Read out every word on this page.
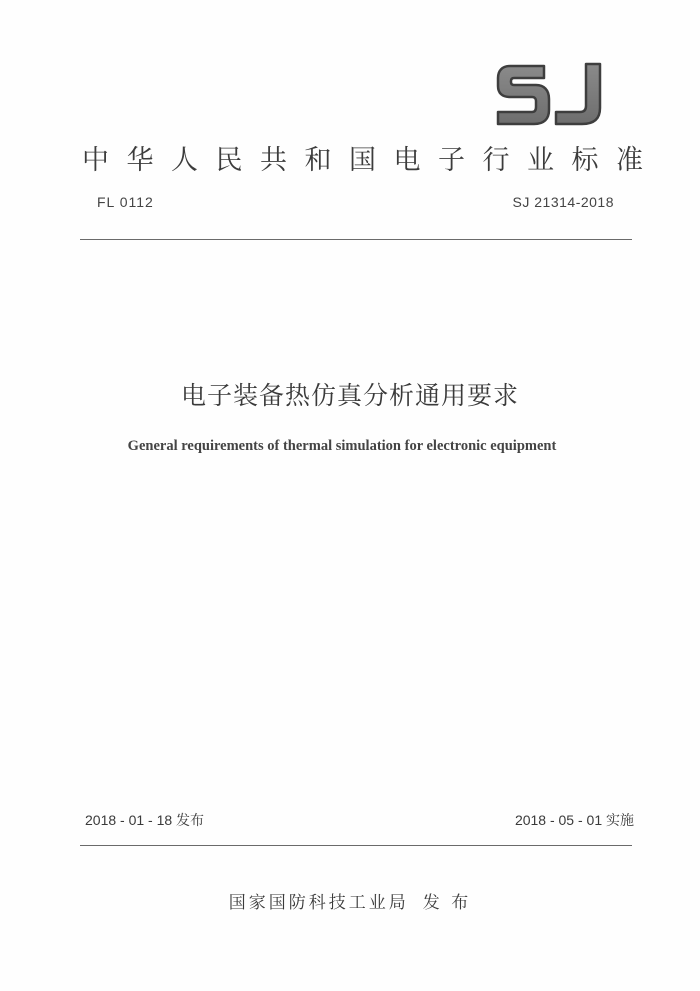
中华人民共和国电子行业标准
FL 0112	SJ 21314-2018
电子装备热仿真分析通用要求
General requirements of thermal simulation for electronic equipment
2018 - 01 - 18 发布	2018 - 05 - 01 实施
国家国防科技工业局 发 布
